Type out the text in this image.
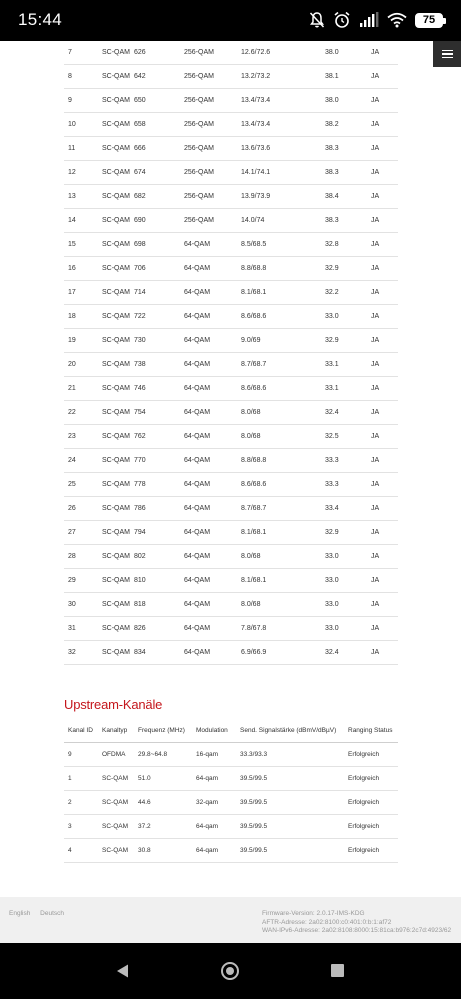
15:44	75
7	SC-QAM	626	256-QAM	12.6/72.6	38.0	JA
8	SC-QAM	642	256-QAM	13.2/73.2	38.1	JA
9	SC-QAM	650	256-QAM	13.4/73.4	38.0	JA
10	SC-QAM	658	256-QAM	13.4/73.4	38.2	JA
11	SC-QAM	666	256-QAM	13.6/73.6	38.3	JA
12	SC-QAM	674	256-QAM	14.1/74.1	38.3	JA
13	SC-QAM	682	256-QAM	13.9/73.9	38.4	JA
14	SC-QAM	690	256-QAM	14.0/74	38.3	JA
15	SC-QAM	698	64-QAM	8.5/68.5	32.8	JA
16	SC-QAM	706	64-QAM	8.8/68.8	32.9	JA
17	SC-QAM	714	64-QAM	8.1/68.1	32.2	JA
18	SC-QAM	722	64-QAM	8.6/68.6	33.0	JA
19	SC-QAM	730	64-QAM	9.0/69	32.9	JA
20	SC-QAM	738	64-QAM	8.7/68.7	33.1	JA
21	SC-QAM	746	64-QAM	8.6/68.6	33.1	JA
22	SC-QAM	754	64-QAM	8.0/68	32.4	JA
23	SC-QAM	762	64-QAM	8.0/68	32.5	JA
24	SC-QAM	770	64-QAM	8.8/68.8	33.3	JA
25	SC-QAM	778	64-QAM	8.6/68.6	33.3	JA
26	SC-QAM	786	64-QAM	8.7/68.7	33.4	JA
27	SC-QAM	794	64-QAM	8.1/68.1	32.9	JA
28	SC-QAM	802	64-QAM	8.0/68	33.0	JA
29	SC-QAM	810	64-QAM	8.1/68.1	33.0	JA
30	SC-QAM	818	64-QAM	8.0/68	33.0	JA
31	SC-QAM	826	64-QAM	7.8/67.8	33.0	JA
32	SC-QAM	834	64-QAM	6.9/66.9	32.4	JA
Upstream-Kanäle
Kanal ID	Kanaltyp	Frequenz (MHz)	Modulation	Send. Signalstärke (dBmV/dBµV)	Ranging Status
9	OFDMA	29.8~64.8	16-qam	33.3/93.3	Erfolgreich
1	SC-QAM	51.0	64-qam	39.5/99.5	Erfolgreich
2	SC-QAM	44.6	32-qam	39.5/99.5	Erfolgreich
3	SC-QAM	37.2	64-qam	39.5/99.5	Erfolgreich
4	SC-QAM	30.8	64-qam	39.5/99.5	Erfolgreich
English Deutsch	Firmware-Version: 2.0.17-IMS-KDG
AFTR-Adresse: 2a02:8100:c0:401:0:b:1:af72
WAN-IPv6-Adresse: 2a02:8108:8000:15:81ca:b976:2c7d:4923/62
